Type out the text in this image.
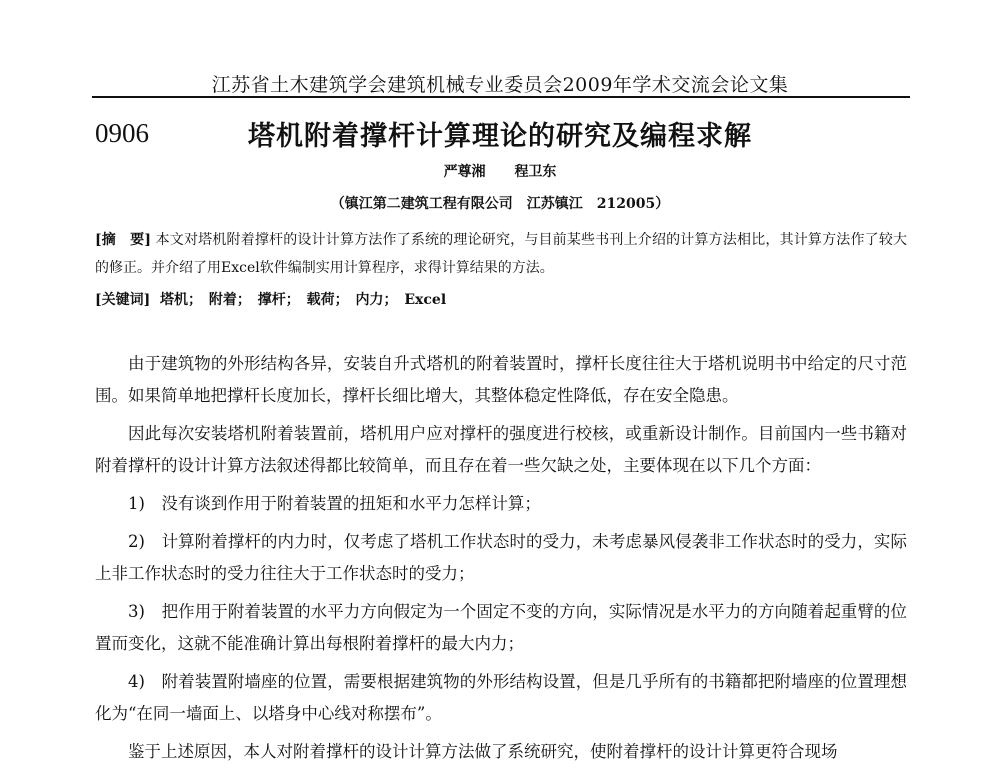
江苏省土木建筑学会建筑机械专业委员会2009年学术交流会论文集
0906	塔机附着撑杆计算理论的研究及编程求解
严尊湘 程卫东
（镇江第二建筑工程有限公司　江苏镇江　212005）
[摘　要] 本文对塔机附着撑杆的设计计算方法作了系统的理论研究，与目前某些书刊上介绍的计算方法相比，其计算方法作了较大的修正。并介绍了用Excel软件编制实用计算程序，求得计算结果的方法。
[关键词] 塔机； 附着； 撑杆； 载荷； 内力； Excel

由于建筑物的外形结构各异，安装自升式塔机的附着装置时，撑杆长度往往大于塔机说明书中给定的尺寸范围。如果简单地把撑杆长度加长，撑杆长细比增大，其整体稳定性降低，存在安全隐患。

因此每次安装塔机附着装置前，塔机用户应对撑杆的强度进行校核，或重新设计制作。目前国内一些书籍对附着撑杆的设计计算方法叙述得都比较简单，而且存在着一些欠缺之处，主要体现在以下几个方面：

1)　没有谈到作用于附着装置的扭矩和水平力怎样计算；

2)　计算附着撑杆的内力时，仅考虑了塔机工作状态时的受力，未考虑暴风侵袭非工作状态时的受力，实际上非工作状态时的受力往往大于工作状态时的受力；

3)　把作用于附着装置的水平力方向假定为一个固定不变的方向，实际情况是水平力的方向随着起重臂的位置而变化，这就不能准确计算出每根附着撑杆的最大内力；

4)　附着装置附墙座的位置，需要根据建筑物的外形结构设置，但是几乎所有的书籍都把附墙座的位置理想化为“在同一墙面上、以塔身中心线对称摆布”。

鉴于上述原因，本人对附着撑杆的设计计算方法做了系统研究，使附着撑杆的设计计算更符合现场
